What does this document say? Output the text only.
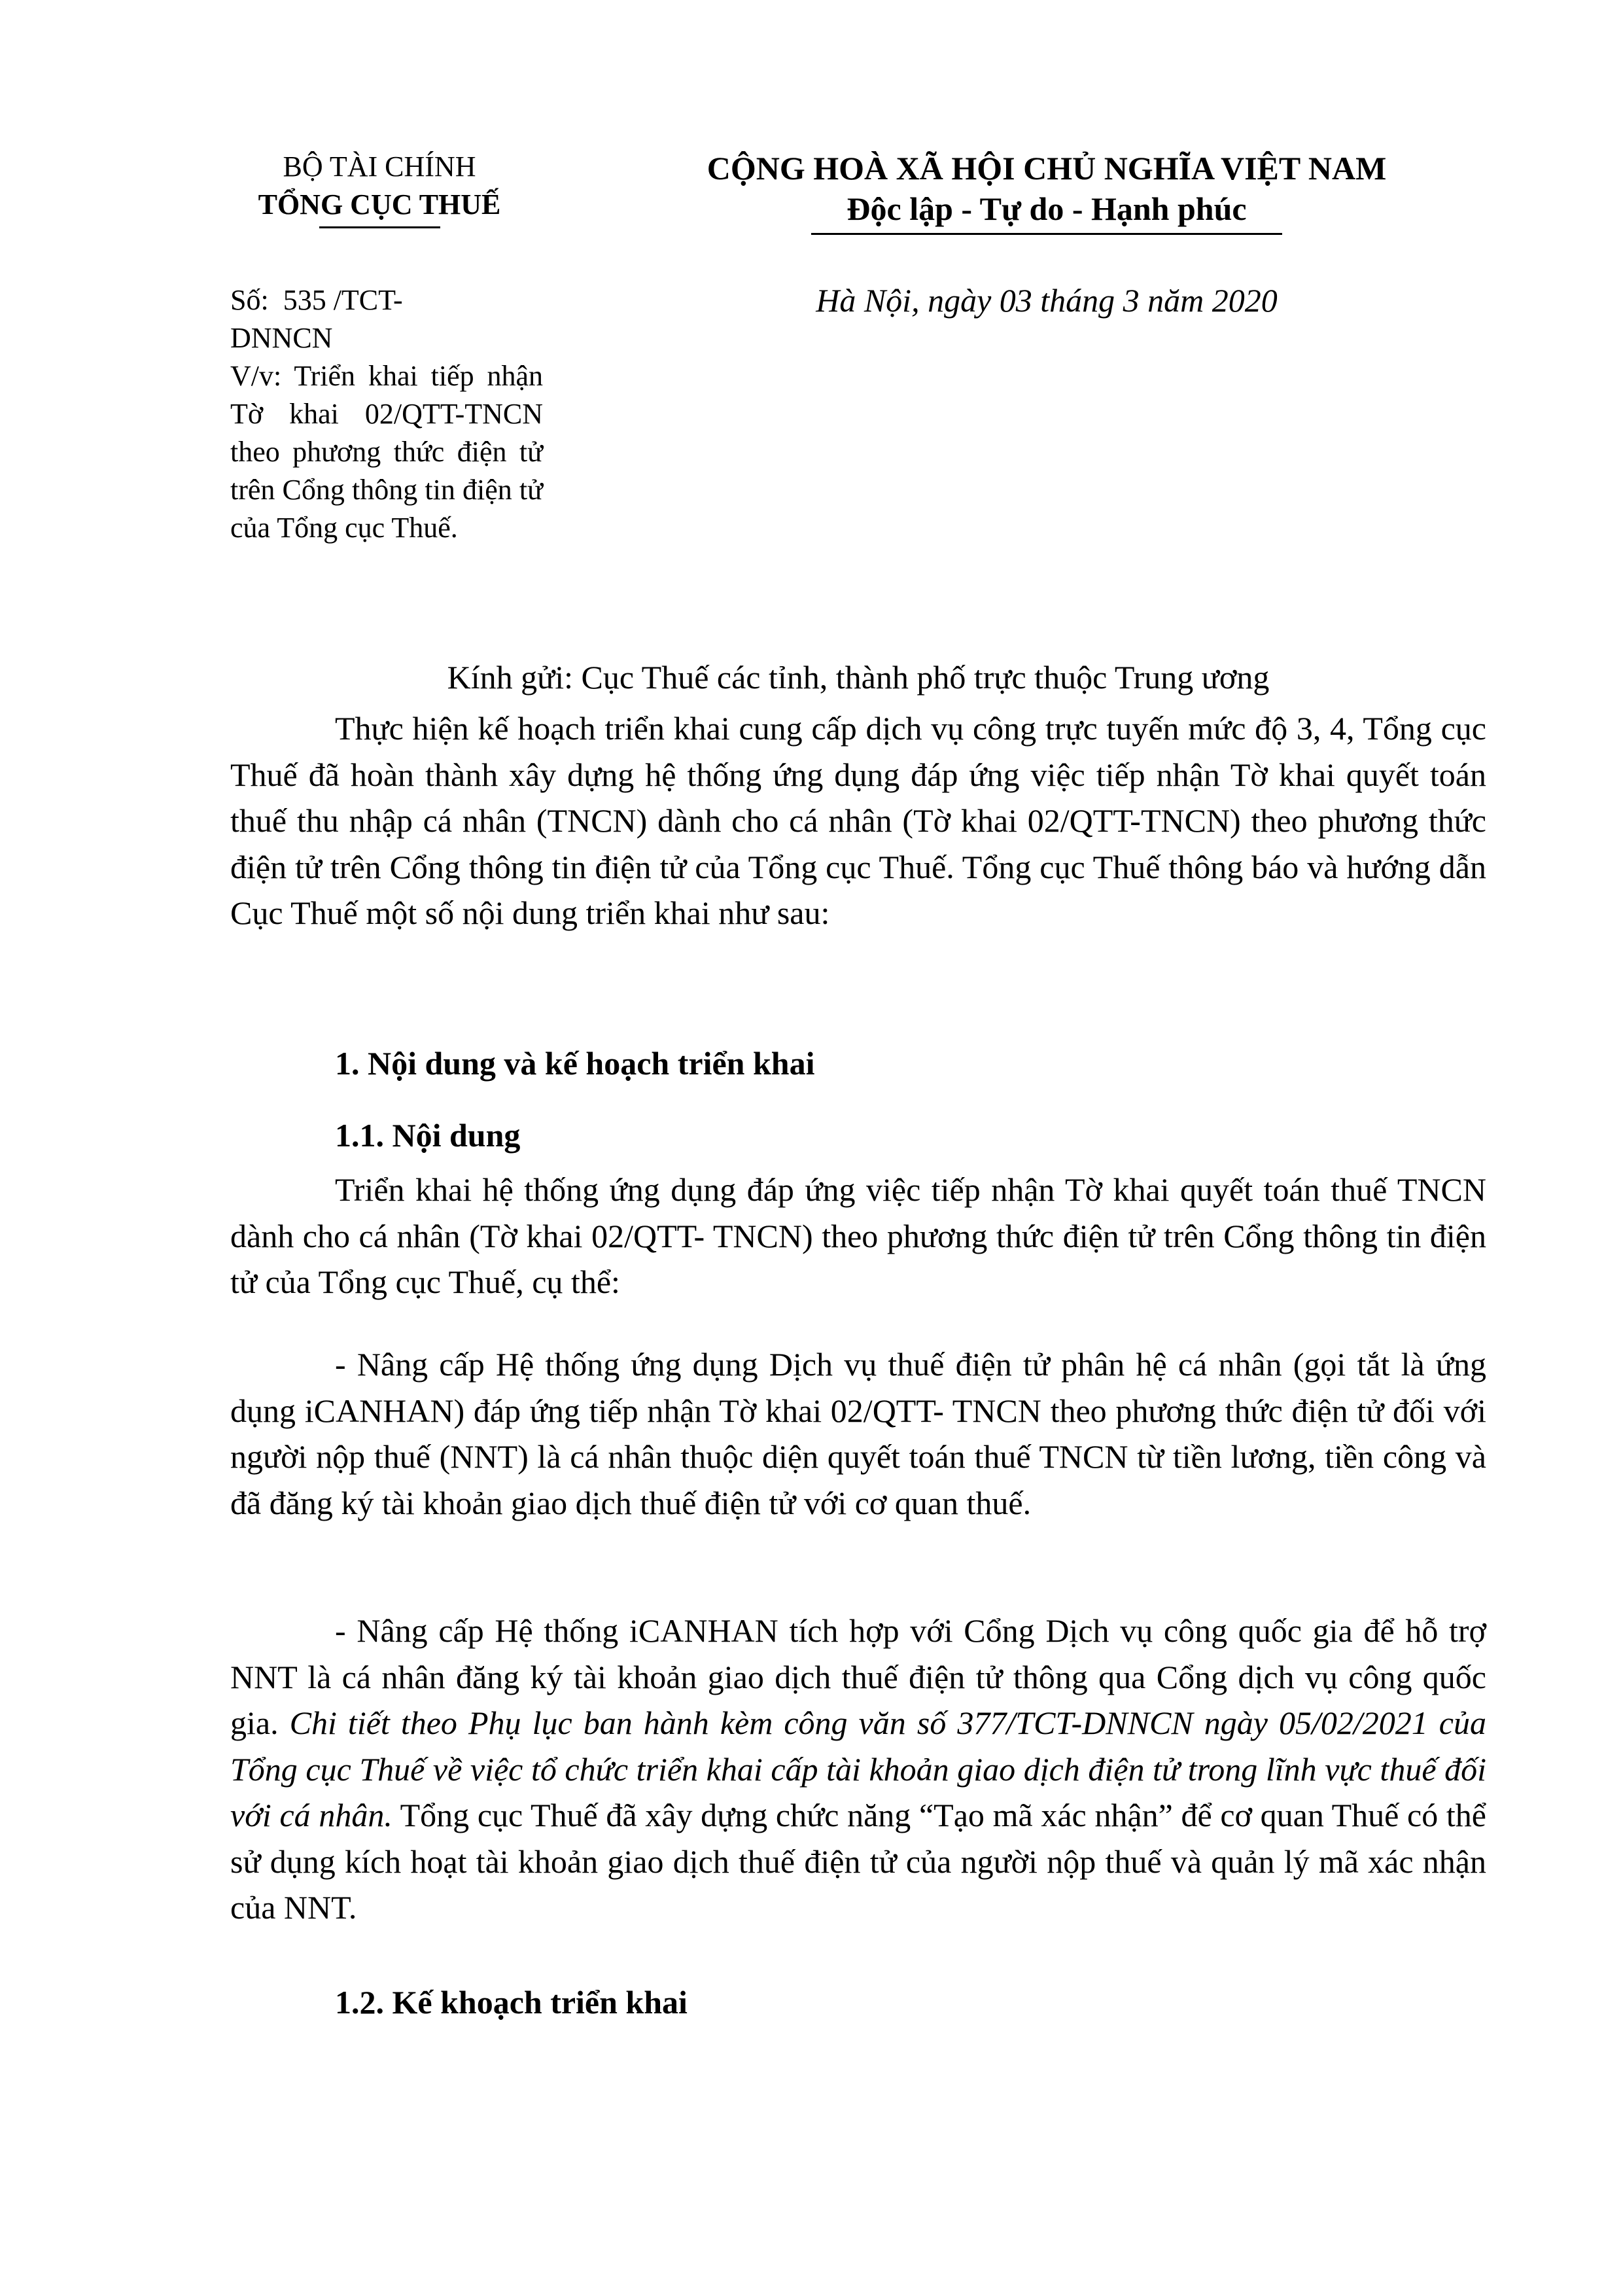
BỘ TÀI CHÍNH
TỔNG CỤC THUẾ
CỘNG HOÀ XÃ HỘI CHỦ NGHĨA VIỆT NAM
Độc lập - Tự do - Hạnh phúc
Số:  535 /TCT-
DNNCN
V/v: Triển khai tiếp nhận Tờ khai 02/QTT-TNCN theo phương thức điện tử trên Cổng thông tin điện tử của Tổng cục Thuế.
Hà Nội, ngày 03 tháng 3 năm 2020
Kính gửi: Cục Thuế các tỉnh, thành phố trực thuộc Trung ương
Thực hiện kế hoạch triển khai cung cấp dịch vụ công trực tuyến mức độ 3, 4, Tổng cục Thuế đã hoàn thành xây dựng hệ thống ứng dụng đáp ứng việc tiếp nhận Tờ khai quyết toán thuế thu nhập cá nhân (TNCN) dành cho cá nhân (Tờ khai 02/QTT-TNCN) theo phương thức điện tử trên Cổng thông tin điện tử của Tổng cục Thuế. Tổng cục Thuế thông báo và hướng dẫn Cục Thuế một số nội dung triển khai như sau:
1. Nội dung và kế hoạch triển khai
1.1. Nội dung
Triển khai hệ thống ứng dụng đáp ứng việc tiếp nhận Tờ khai quyết toán thuế TNCN dành cho cá nhân (Tờ khai 02/QTT- TNCN) theo phương thức điện tử trên Cổng thông tin điện tử của Tổng cục Thuế, cụ thể:
- Nâng cấp Hệ thống ứng dụng Dịch vụ thuế điện tử phân hệ cá nhân (gọi tắt là ứng dụng iCANHAN) đáp ứng tiếp nhận Tờ khai 02/QTT- TNCN theo phương thức điện tử đối với người nộp thuế (NNT) là cá nhân thuộc diện quyết toán thuế TNCN từ tiền lương, tiền công và đã đăng ký tài khoản giao dịch thuế điện tử với cơ quan thuế.
- Nâng cấp Hệ thống iCANHAN tích hợp với Cổng Dịch vụ công quốc gia để hỗ trợ NNT là cá nhân đăng ký tài khoản giao dịch thuế điện tử thông qua Cổng dịch vụ công quốc gia. Chi tiết theo Phụ lục ban hành kèm công văn số 377/TCT-DNNCN ngày 05/02/2021 của Tổng cục Thuế về việc tổ chức triển khai cấp tài khoản giao dịch điện tử trong lĩnh vực thuế đối với cá nhân. Tổng cục Thuế đã xây dựng chức năng “Tạo mã xác nhận” để cơ quan Thuế có thể sử dụng kích hoạt tài khoản giao dịch thuế điện tử của người nộp thuế và quản lý mã xác nhận của NNT.
1.2. Kế khoạch triển khai
